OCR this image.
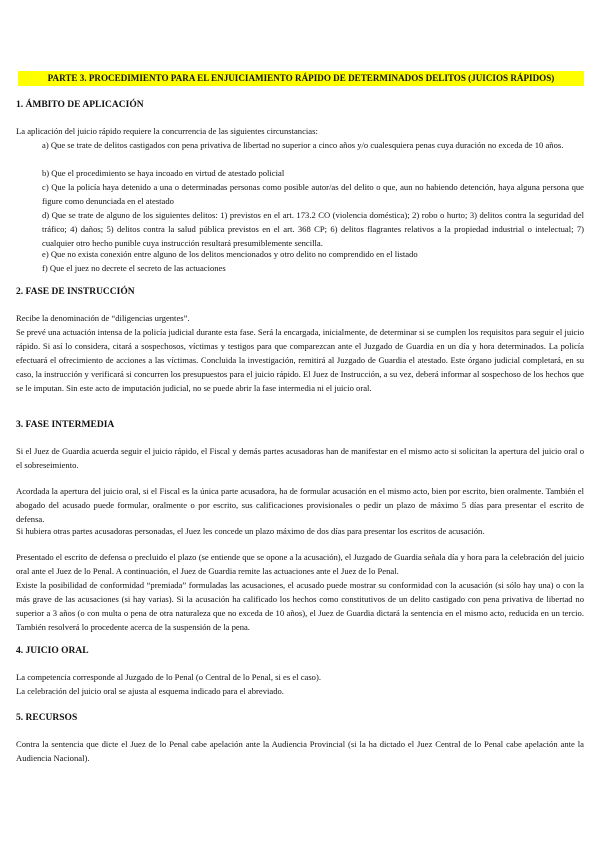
PARTE 3. PROCEDIMIENTO PARA EL ENJUICIAMIENTO RÁPIDO DE DETERMINADOS DELITOS (JUICIOS RÁPIDOS)
1. ÁMBITO DE APLICACIÓN
La aplicación del juicio rápido requiere la concurrencia de las siguientes circunstancias:
a) Que se trate de delitos castigados con pena privativa de libertad no superior a cinco años y/o cualesquiera penas cuya duración no exceda de 10 años.
b) Que el procedimiento se haya incoado en virtud de atestado policial
c) Que la policía haya detenido a una o determinadas personas como posible autor/as del delito o que, aun no habiendo detención, haya alguna persona que figure como denunciada en el atestado
d) Que se trate de alguno de los siguientes delitos: 1) previstos en el art. 173.2 CO (violencia doméstica); 2) robo o hurto; 3) delitos contra la seguridad del tráfico; 4) daños; 5) delitos contra la salud pública previstos en el art. 368 CP; 6) delitos flagrantes relativos a la propiedad industrial o intelectual; 7) cualquier otro hecho punible cuya instrucción resultará presumiblemente sencilla.
e) Que no exista conexión entre alguno de los delitos mencionados y otro delito no comprendido en el listado
f) Que el juez no decrete el secreto de las actuaciones
2. FASE DE INSTRUCCIÓN
Recibe la denominación de “diligencias urgentes”.
Se prevé una actuación intensa de la policía judicial durante esta fase. Será la encargada, inicialmente, de determinar si se cumplen los requisitos para seguir el juicio rápido. Si así lo considera, citará a sospechosos, víctimas y testigos para que comparezcan ante el Juzgado de Guardia en un día y hora determinados. La policía efectuará el ofrecimiento de acciones a las víctimas. Concluida la investigación, remitirá al Juzgado de Guardia el atestado. Este órgano judicial completará, en su caso, la instrucción y verificará si concurren los presupuestos para el juicio rápido. El Juez de Instrucción, a su vez, deberá informar al sospechoso de los hechos que se le imputan. Sin este acto de imputación judicial, no se puede abrir la fase intermedia ni el juicio oral.
3. FASE INTERMEDIA
Si el Juez de Guardia acuerda seguir el juicio rápido, el Fiscal y demás partes acusadoras han de manifestar en el mismo acto si solicitan la apertura del juicio oral o el sobreseimiento.
Acordada la apertura del juicio oral, si el Fiscal es la única parte acusadora, ha de formular acusación en el mismo acto, bien por escrito, bien oralmente. También el abogado del acusado puede formular, oralmente o por escrito, sus calificaciones provisionales o pedir un plazo de máximo 5 días para presentar el escrito de defensa.
Si hubiera otras partes acusadoras personadas, el Juez les concede un plazo máximo de dos días para presentar los escritos de acusación.
Presentado el escrito de defensa o precluido el plazo (se entiende que se opone a la acusación), el Juzgado de Guardia señala día y hora para la celebración del juicio oral ante el Juez de lo Penal. A continuación, el Juez de Guardia remite las actuaciones ante el Juez de lo Penal.
Existe la posibilidad de conformidad “premiada” formuladas las acusaciones, el acusado puede mostrar su conformidad con la acusación (si sólo hay una) o con la más grave de las acusaciones (si hay varias). Si la acusación ha calificado los hechos como constitutivos de un delito castigado con pena privativa de libertad no superior a 3 años (o con multa o pena de otra naturaleza que no exceda de 10 años), el Juez de Guardia dictará la sentencia en el mismo acto, reducida en un tercio. También resolverá lo procedente acerca de la suspensión de la pena.
4. JUICIO ORAL
La competencia corresponde al Juzgado de lo Penal (o Central de lo Penal, si es el caso).
La celebración del juicio oral se ajusta al esquema indicado para el abreviado.
5. RECURSOS
Contra la sentencia que dicte el Juez de lo Penal cabe apelación ante la Audiencia Provincial (si la ha dictado el Juez Central de lo Penal cabe apelación ante la Audiencia Nacional).
